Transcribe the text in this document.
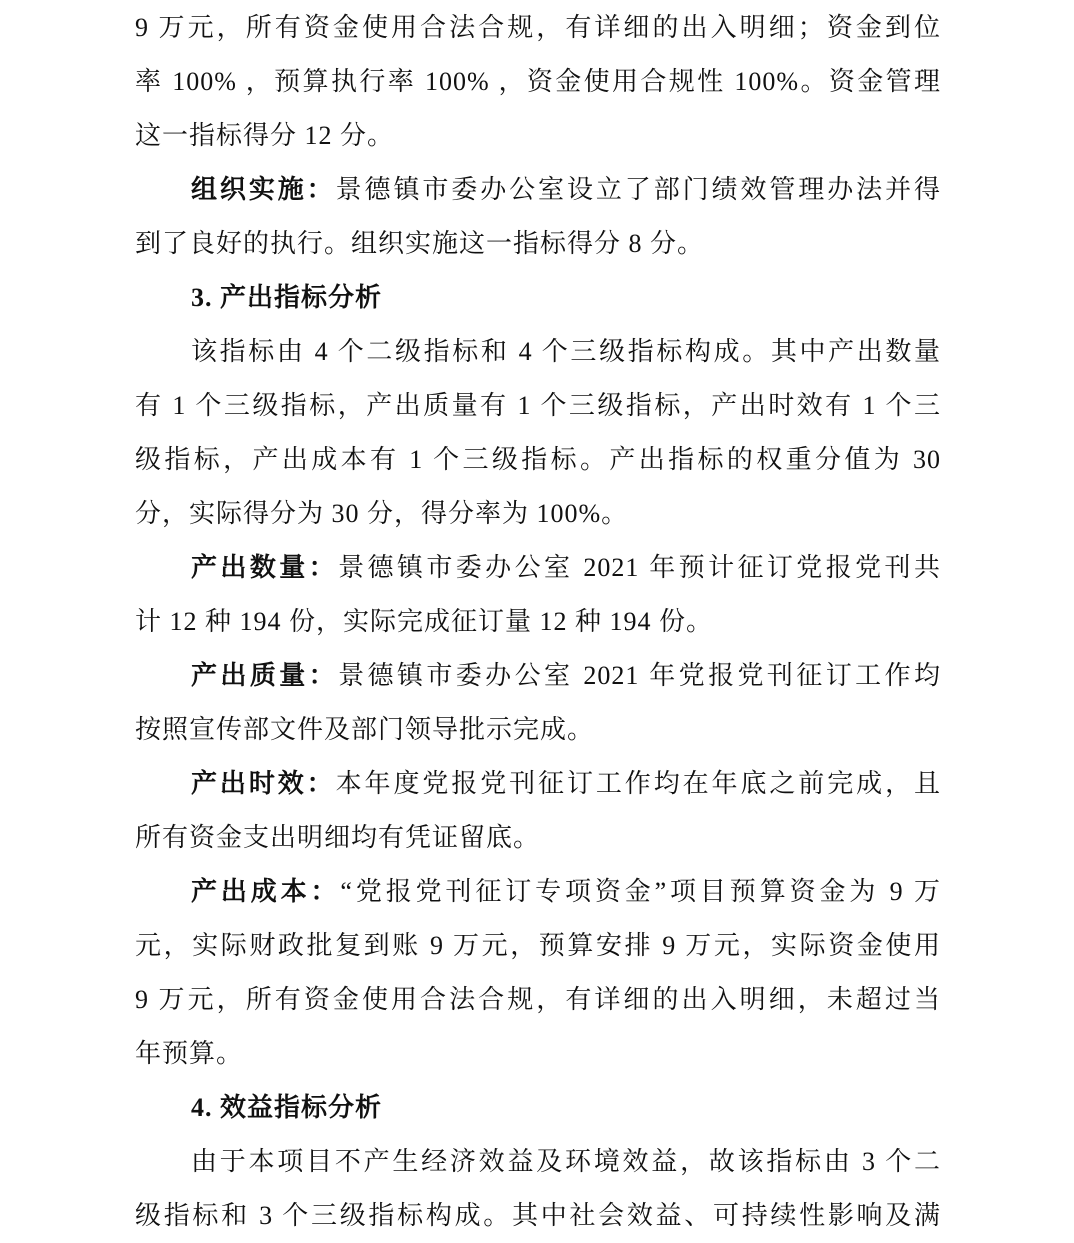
9 万元，所有资金使用合法合规，有详细的出入明细；资金到位
率 100% ，预算执行率 100% ，资金使用合规性 100%。资金管理
这一指标得分 12 分。
组织实施：景德镇市委办公室设立了部门绩效管理办法并得
到了良好的执行。组织实施这一指标得分 8 分。
3. 产出指标分析
该指标由 4 个二级指标和 4 个三级指标构成。其中产出数量
有 1 个三级指标，产出质量有 1 个三级指标，产出时效有 1 个三
级指标，产出成本有 1 个三级指标。产出指标的权重分值为 30
分，实际得分为 30 分，得分率为 100%。
产出数量：景德镇市委办公室 2021 年预计征订党报党刊共
计 12 种 194 份，实际完成征订量 12 种 194 份。
产出质量：景德镇市委办公室 2021 年党报党刊征订工作均
按照宣传部文件及部门领导批示完成。
产出时效：本年度党报党刊征订工作均在年底之前完成，且
所有资金支出明细均有凭证留底。
产出成本：“党报党刊征订专项资金”项目预算资金为 9 万
元，实际财政批复到账 9 万元，预算安排 9 万元，实际资金使用
9 万元，所有资金使用合法合规，有详细的出入明细，未超过当
年预算。
4. 效益指标分析
由于本项目不产生经济效益及环境效益，故该指标由 3 个二
级指标和 3 个三级指标构成。其中社会效益、可持续性影响及满
